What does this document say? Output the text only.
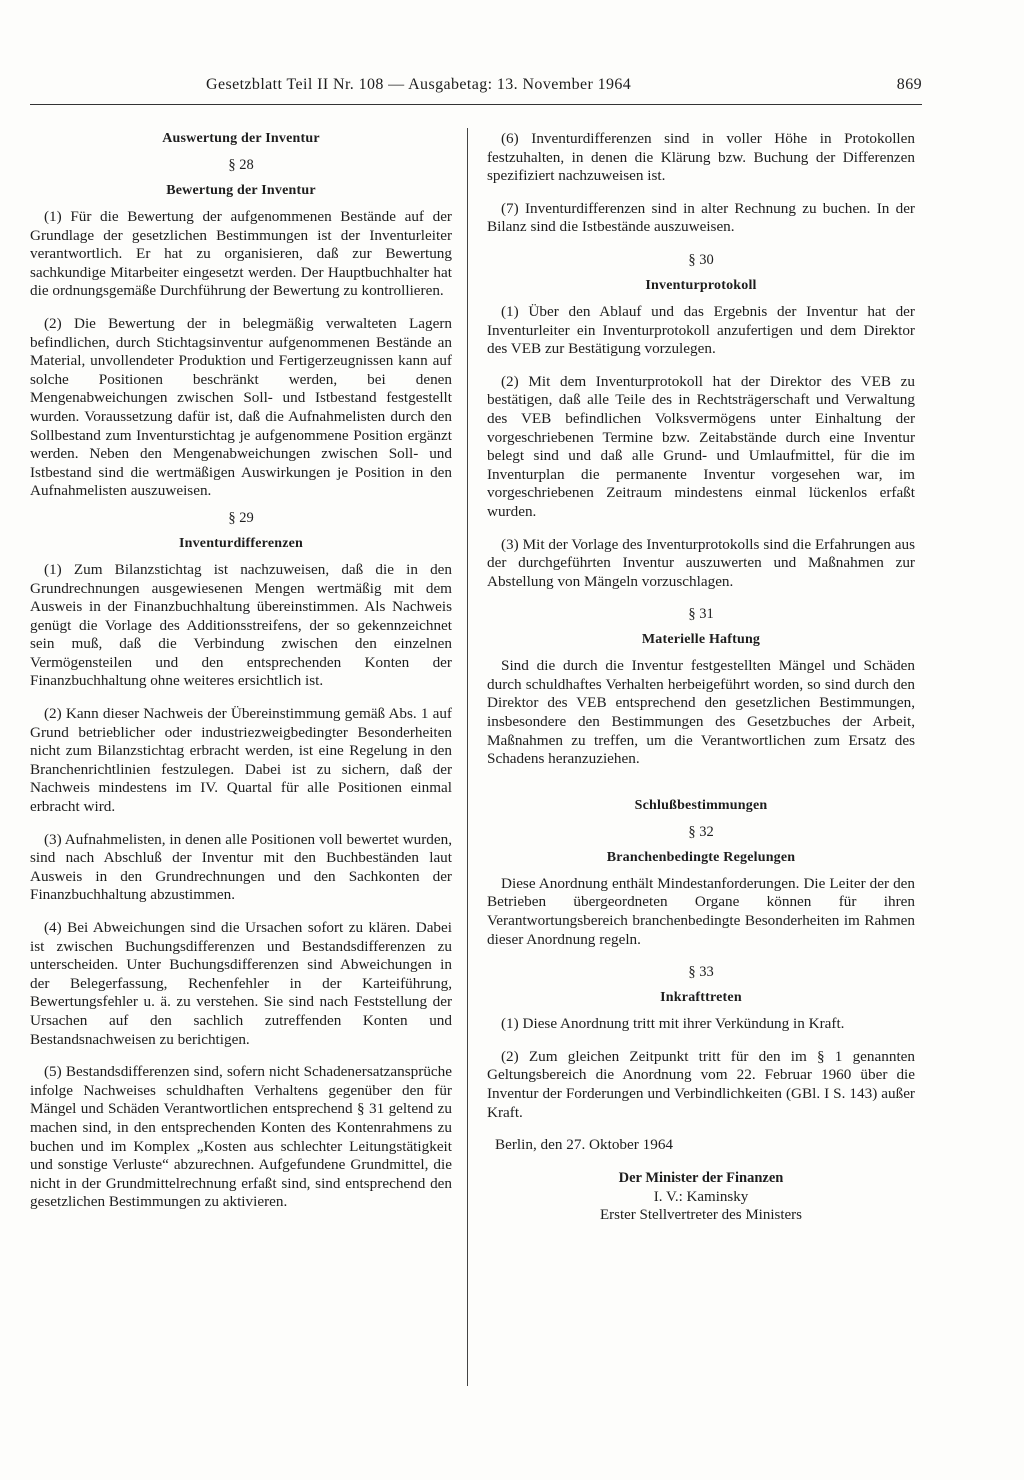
Gesetzblatt Teil II Nr. 108 — Ausgabetag: 13. November 1964	869
Auswertung der Inventur

§ 28

Bewertung der Inventur

(1) Für die Bewertung der aufgenommenen Bestände auf der Grundlage der gesetzlichen Bestimmungen ist der Inventurleiter verantwortlich. Er hat zu organisieren, daß zur Bewertung sachkundige Mitarbeiter eingesetzt werden. Der Hauptbuchhalter hat die ordnungsgemäße Durchführung der Bewertung zu kontrollieren.

(2) Die Bewertung der in belegmäßig verwalteten Lagern befindlichen, durch Stichtagsinventur aufgenommenen Bestände an Material, unvollendeter Produktion und Fertigerzeugnissen kann auf solche Positionen beschränkt werden, bei denen Mengenabweichungen zwischen Soll- und Istbestand festgestellt wurden. Voraussetzung dafür ist, daß die Aufnahmelisten durch den Sollbestand zum Inventurstichtag je aufgenommene Position ergänzt werden. Neben den Mengenabweichungen zwischen Soll- und Istbestand sind die wertmäßigen Auswirkungen je Position in den Aufnahmelisten auszuweisen.

§ 29

Inventurdifferenzen

(1) Zum Bilanzstichtag ist nachzuweisen, daß die in den Grundrechnungen ausgewiesenen Mengen wertmäßig mit dem Ausweis in der Finanzbuchhaltung übereinstimmen. Als Nachweis genügt die Vorlage des Additionsstreifens, der so gekennzeichnet sein muß, daß die Verbindung zwischen den einzelnen Vermögensteilen und den entsprechenden Konten der Finanzbuchhaltung ohne weiteres ersichtlich ist.

(2) Kann dieser Nachweis der Übereinstimmung gemäß Abs. 1 auf Grund betrieblicher oder industriezweigbedingter Besonderheiten nicht zum Bilanzstichtag erbracht werden, ist eine Regelung in den Branchenrichtlinien festzulegen. Dabei ist zu sichern, daß der Nachweis mindestens im IV. Quartal für alle Positionen einmal erbracht wird.

(3) Aufnahmelisten, in denen alle Positionen voll bewertet wurden, sind nach Abschluß der Inventur mit den Buchbeständen laut Ausweis in den Grundrechnungen und den Sachkonten der Finanzbuchhaltung abzustimmen.

(4) Bei Abweichungen sind die Ursachen sofort zu klären. Dabei ist zwischen Buchungsdifferenzen und Bestandsdifferenzen zu unterscheiden. Unter Buchungsdifferenzen sind Abweichungen in der Belegerfassung, Rechenfehler in der Karteiführung, Bewertungsfehler u. ä. zu verstehen. Sie sind nach Feststellung der Ursachen auf den sachlich zutreffenden Konten und Bestandsnachweisen zu berichtigen.

(5) Bestandsdifferenzen sind, sofern nicht Schadenersatzansprüche infolge Nachweises schuldhaften Verhaltens gegenüber den für Mängel und Schäden Verantwortlichen entsprechend § 31 geltend zu machen sind, in den entsprechenden Konten des Kontenrahmens zu buchen und im Komplex „Kosten aus schlechter Leitungstätigkeit und sonstige Verluste“ abzurechnen. Aufgefundene Grundmittel, die nicht in der Grundmittelrechnung erfaßt sind, sind entsprechend den gesetzlichen Bestimmungen zu aktivieren.

(6) Inventurdifferenzen sind in voller Höhe in Protokollen festzuhalten, in denen die Klärung bzw. Buchung der Differenzen spezifiziert nachzuweisen ist.

(7) Inventurdifferenzen sind in alter Rechnung zu buchen. In der Bilanz sind die Istbestände auszuweisen.

§ 30

Inventurprotokoll

(1) Über den Ablauf und das Ergebnis der Inventur hat der Inventurleiter ein Inventurprotokoll anzufertigen und dem Direktor des VEB zur Bestätigung vorzulegen.

(2) Mit dem Inventurprotokoll hat der Direktor des VEB zu bestätigen, daß alle Teile des in Rechtsträgerschaft und Verwaltung des VEB befindlichen Volksvermögens unter Einhaltung der vorgeschriebenen Termine bzw. Zeitabstände durch eine Inventur belegt sind und daß alle Grund- und Umlaufmittel, für die im Inventurplan die permanente Inventur vorgesehen war, im vorgeschriebenen Zeitraum mindestens einmal lückenlos erfaßt wurden.

(3) Mit der Vorlage des Inventurprotokolls sind die Erfahrungen aus der durchgeführten Inventur auszuwerten und Maßnahmen zur Abstellung von Mängeln vorzuschlagen.

§ 31

Materielle Haftung

Sind die durch die Inventur festgestellten Mängel und Schäden durch schuldhaftes Verhalten herbeigeführt worden, so sind durch den Direktor des VEB entsprechend den gesetzlichen Bestimmungen, insbesondere den Bestimmungen des Gesetzbuches der Arbeit, Maßnahmen zu treffen, um die Verantwortlichen zum Ersatz des Schadens heranzuziehen.

Schlußbestimmungen

§ 32

Branchenbedingte Regelungen

Diese Anordnung enthält Mindestanforderungen. Die Leiter der den Betrieben übergeordneten Organe können für ihren Verantwortungsbereich branchenbedingte Besonderheiten im Rahmen dieser Anordnung regeln.

§ 33

Inkrafttreten

(1) Diese Anordnung tritt mit ihrer Verkündung in Kraft.

(2) Zum gleichen Zeitpunkt tritt für den im § 1 genannten Geltungsbereich die Anordnung vom 22. Februar 1960 über die Inventur der Forderungen und Verbindlichkeiten (GBl. I S. 143) außer Kraft.

Berlin, den 27. Oktober 1964

Der Minister der Finanzen
I. V.: Kaminsky
Erster Stellvertreter des Ministers
